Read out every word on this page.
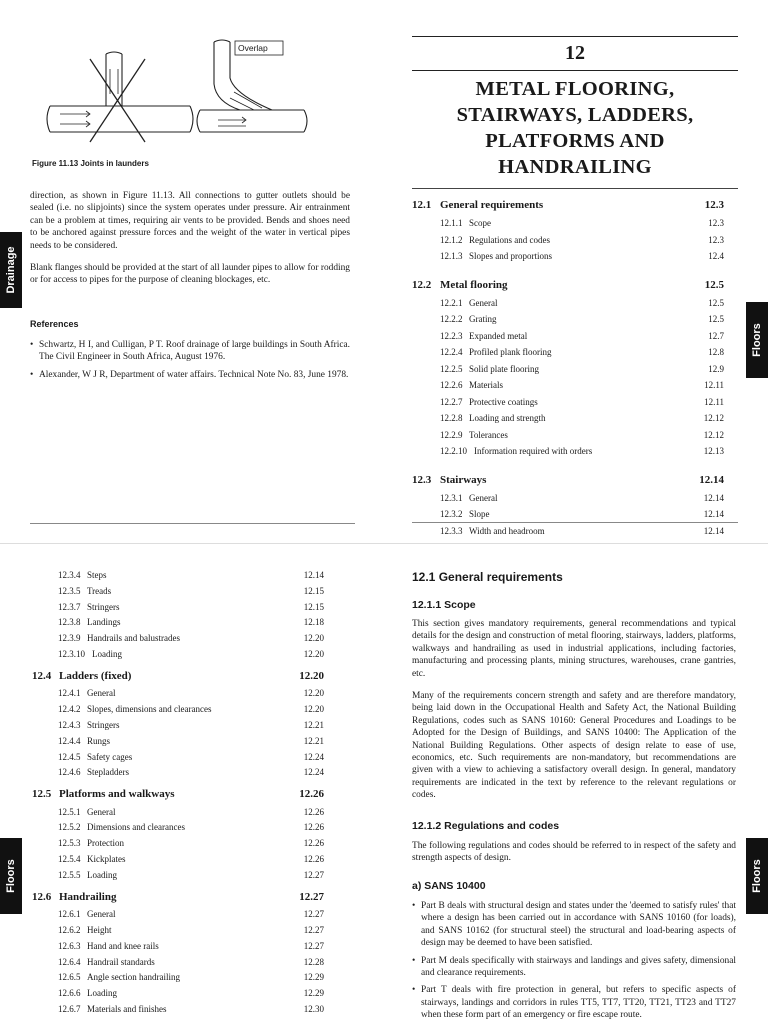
Overlap
Figure 11.13 Joints in launders
direction, as shown in Figure 11.13. All connections to gutter outlets should be sealed (i.e. no slipjoints) since the system operates under pressure. Air entrainment can be a problem at times, requiring air vents to be provided. Bends and shoes need to be anchored against pressure forces and the weight of the water in vertical pipes needs to be considered.
Blank flanges should be provided at the start of all launder pipes to allow for rodding or for access to pipes for the purpose of cleaning blockages, etc.
References
• Schwartz, H I, and Culligan, P T. Roof drainage of large buildings in South Africa. The Civil Engineer in South Africa, August 1976.
• Alexander, W J R, Department of water affairs. Technical Note No. 83, June 1978.
12
METAL FLOORING,
STAIRWAYS, LADDERS,
PLATFORMS AND
HANDRAILING
12.1 General requirements	12.3
12.1.1 Scope	12.3
12.1.2 Regulations and codes	12.3
12.1.3 Slopes and proportions	12.4
12.2 Metal flooring	12.5
12.2.1 General	12.5
12.2.2 Grating	12.5
12.2.3 Expanded metal	12.7
12.2.4 Profiled plank flooring	12.8
12.2.5 Solid plate flooring	12.9
12.2.6 Materials	12.11
12.2.7 Protective coatings	12.11
12.2.8 Loading and strength	12.12
12.2.9 Tolerances	12.12
12.2.10 Information required with orders	12.13
12.3 Stairways	12.14
12.3.1 General	12.14
12.3.2 Slope	12.14
12.3.3 Width and headroom	12.14
12.3.4 Steps	12.14
12.3.5 Treads	12.15
12.3.7 Stringers	12.15
12.3.8 Landings	12.18
12.3.9 Handrails and balustrades	12.20
12.3.10 Loading	12.20
12.4 Ladders (fixed)	12.20
12.4.1 General	12.20
12.4.2 Slopes, dimensions and clearances	12.20
12.4.3 Stringers	12.21
12.4.4 Rungs	12.21
12.4.5 Safety cages	12.24
12.4.6 Stepladders	12.24
12.5 Platforms and walkways	12.26
12.5.1 General	12.26
12.5.2 Dimensions and clearances	12.26
12.5.3 Protection	12.26
12.5.4 Kickplates	12.26
12.5.5 Loading	12.27
12.6 Handrailing	12.27
12.6.1 General	12.27
12.6.2 Height	12.27
12.6.3 Hand and knee rails	12.27
12.6.4 Handrail standards	12.28
12.6.5 Angle section handrailing	12.29
12.6.6 Loading	12.29
12.6.7 Materials and finishes	12.30
12.1 General requirements
12.1.1 Scope
This section gives mandatory requirements, general recommendations and typical details for the design and construction of metal flooring, stairways, ladders, platforms, walkways and handrailing as used in industrial applications, including factories, manufacturing and processing plants, mining structures, warehouses, crane gantries, etc.
Many of the requirements concern strength and safety and are therefore mandatory, being laid down in the Occupational Health and Safety Act, the National Building Regulations, codes such as SANS 10160: General Procedures and Loadings to be Adopted for the Design of Buildings, and SANS 10400: The Application of the National Building Regulations. Other aspects of design relate to ease of use, economics, etc. Such requirements are non-mandatory, but recommendations are given with a view to achieving a satisfactory overall design. In general, mandatory requirements are indicated in the text by reference to the relevant regulations or codes.
12.1.2 Regulations and codes
The following regulations and codes should be referred to in respect of the safety and strength aspects of design.
a) SANS 10400
• Part B deals with structural design and states under the 'deemed to satisfy rules' that where a design has been carried out in accordance with SANS 10160 (for loads), and SANS 10162 (for structural steel) the structural and load-bearing aspects of design may be deemed to have been satisfied.
• Part M deals specifically with stairways and landings and gives safety, dimensional and clearance requirements.
• Part T deals with fire protection in general, but refers to specific aspects of stairways, landings and corridors in rules TT5, TT7, TT20, TT21, TT23 and TT27 when these form part of an emergency or fire escape route.
Drainage
Floors
Floors	Floors
